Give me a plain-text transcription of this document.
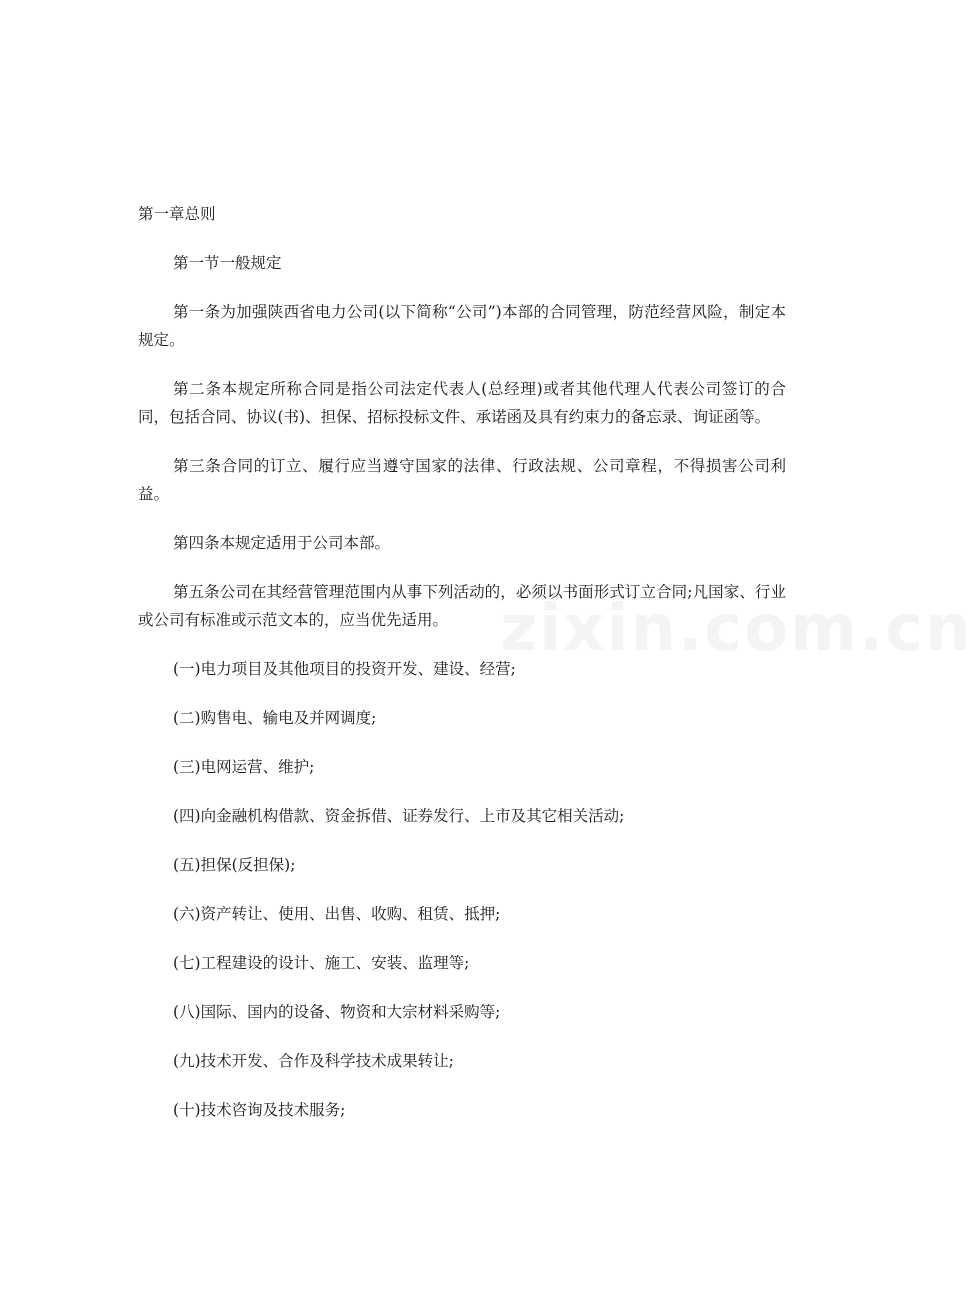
zixin.com.cn

第一章总则

第一节一般规定

第一条为加强陕西省电力公司(以下简称“公司”)本部的合同管理，防范经营风险，制定本规定。

第二条本规定所称合同是指公司法定代表人(总经理)或者其他代理人代表公司签订的合同，包括合同、协议(书)、担保、招标投标文件、承诺函及具有约束力的备忘录、询证函等。

第三条合同的订立、履行应当遵守国家的法律、行政法规、公司章程，不得损害公司利益。

第四条本规定适用于公司本部。

第五条公司在其经营管理范围内从事下列活动的，必须以书面形式订立合同;凡国家、行业或公司有标准或示范文本的，应当优先适用。

(一)电力项目及其他项目的投资开发、建设、经营;

(二)购售电、输电及并网调度;

(三)电网运营、维护;

(四)向金融机构借款、资金拆借、证券发行、上市及其它相关活动;

(五)担保(反担保);

(六)资产转让、使用、出售、收购、租赁、抵押;

(七)工程建设的设计、施工、安装、监理等;

(八)国际、国内的设备、物资和大宗材料采购等;

(九)技术开发、合作及科学技术成果转让;

(十)技术咨询及技术服务;
